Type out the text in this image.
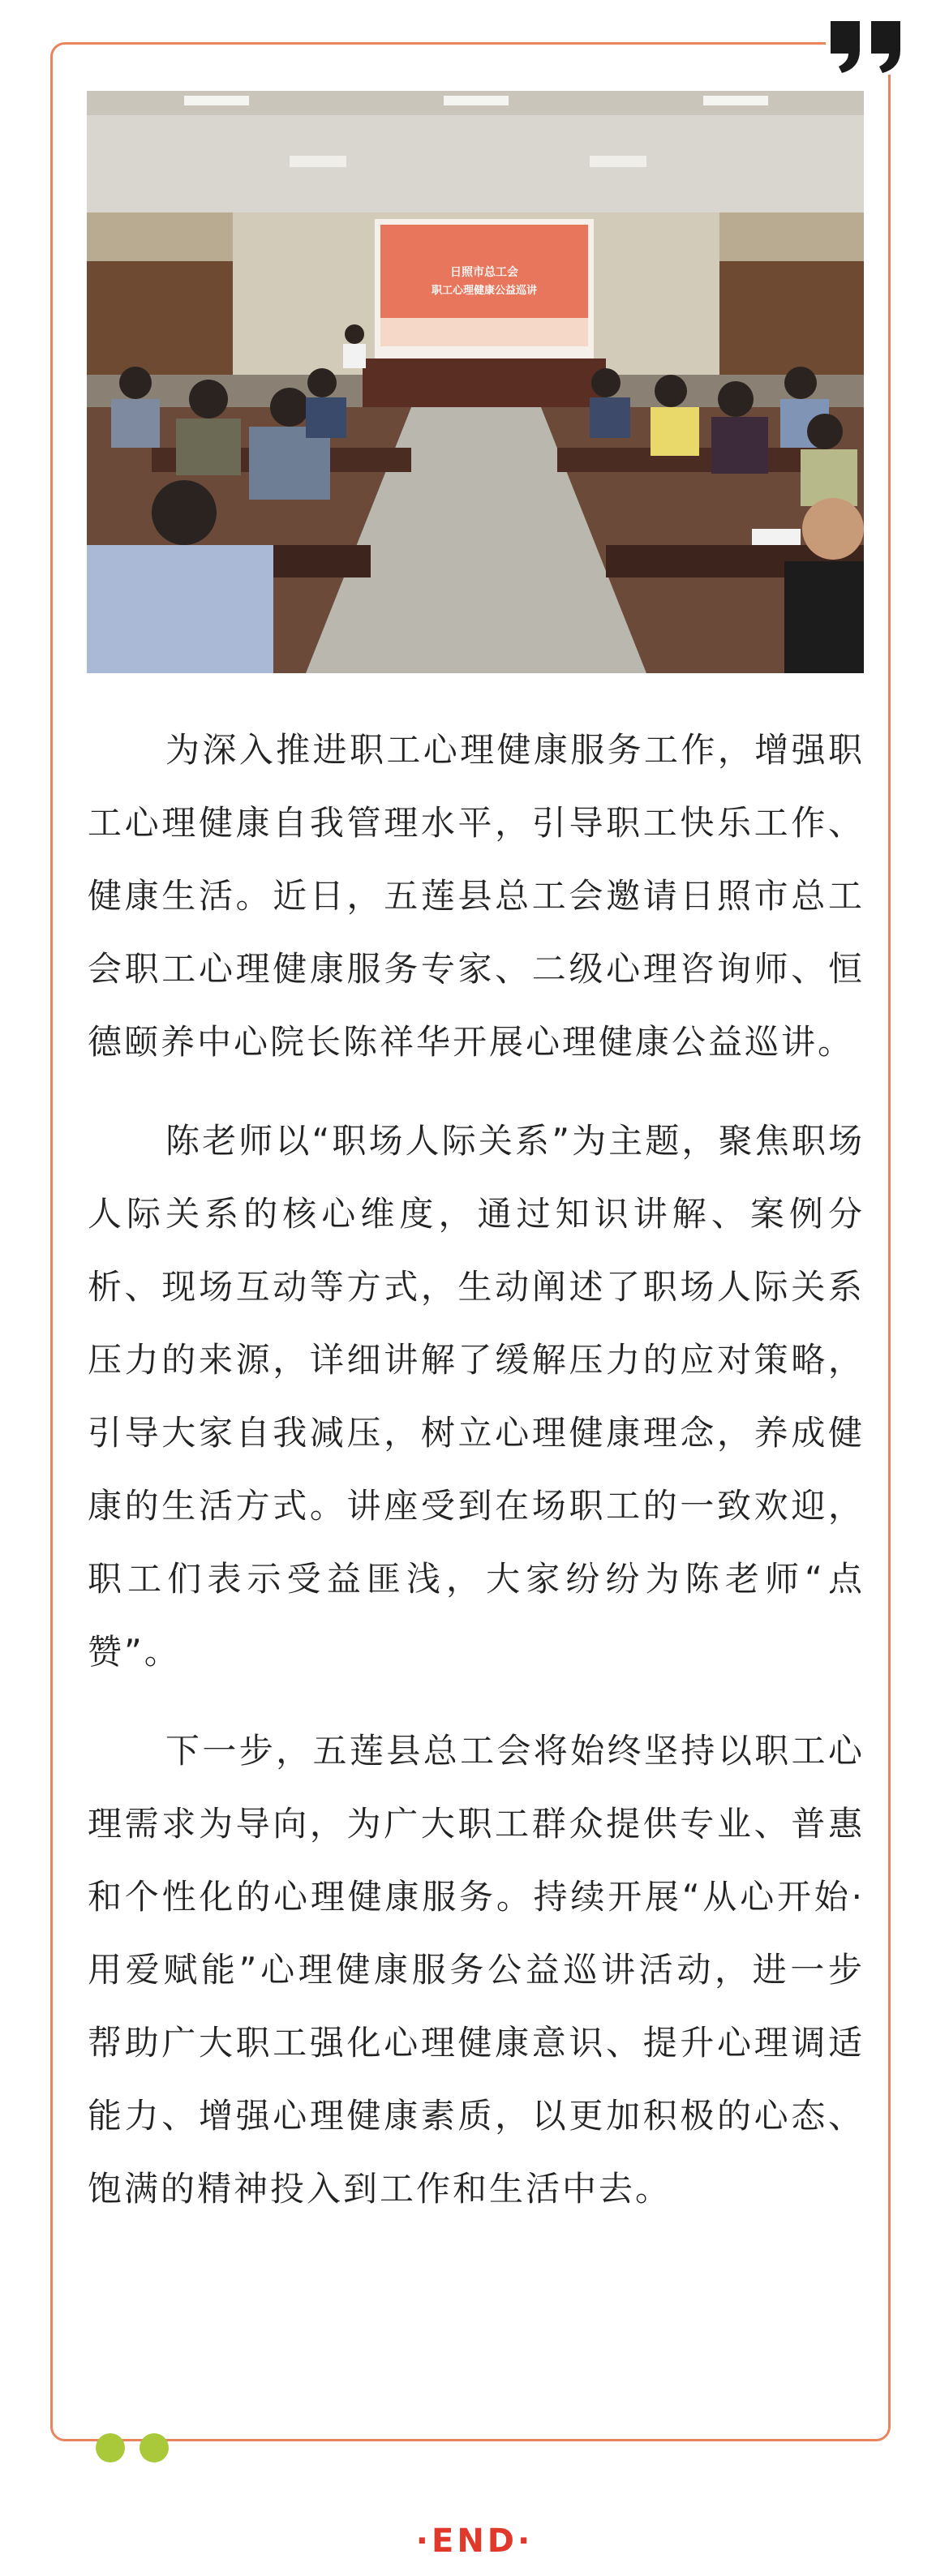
日照市总工会
职工心理健康公益巡讲

为深入推进职工心理健康服务工作，增强职工心理健康自我管理水平，引导职工快乐工作、健康生活。近日，五莲县总工会邀请日照市总工会职工心理健康服务专家、二级心理咨询师、恒德颐养中心院长陈祥华开展心理健康公益巡讲。

陈老师以“职场人际关系”为主题，聚焦职场人际关系的核心维度，通过知识讲解、案例分析、现场互动等方式，生动阐述了职场人际关系压力的来源，详细讲解了缓解压力的应对策略，引导大家自我减压，树立心理健康理念，养成健康的生活方式。讲座受到在场职工的一致欢迎，职工们表示受益匪浅，大家纷纷为陈老师“点赞”。

下一步，五莲县总工会将始终坚持以职工心理需求为导向，为广大职工群众提供专业、普惠和个性化的心理健康服务。持续开展“从心开始·用爱赋能”心理健康服务公益巡讲活动，进一步帮助广大职工强化心理健康意识、提升心理调适能力、增强心理健康素质，以更加积极的心态、饱满的精神投入到工作和生活中去。

·END·
